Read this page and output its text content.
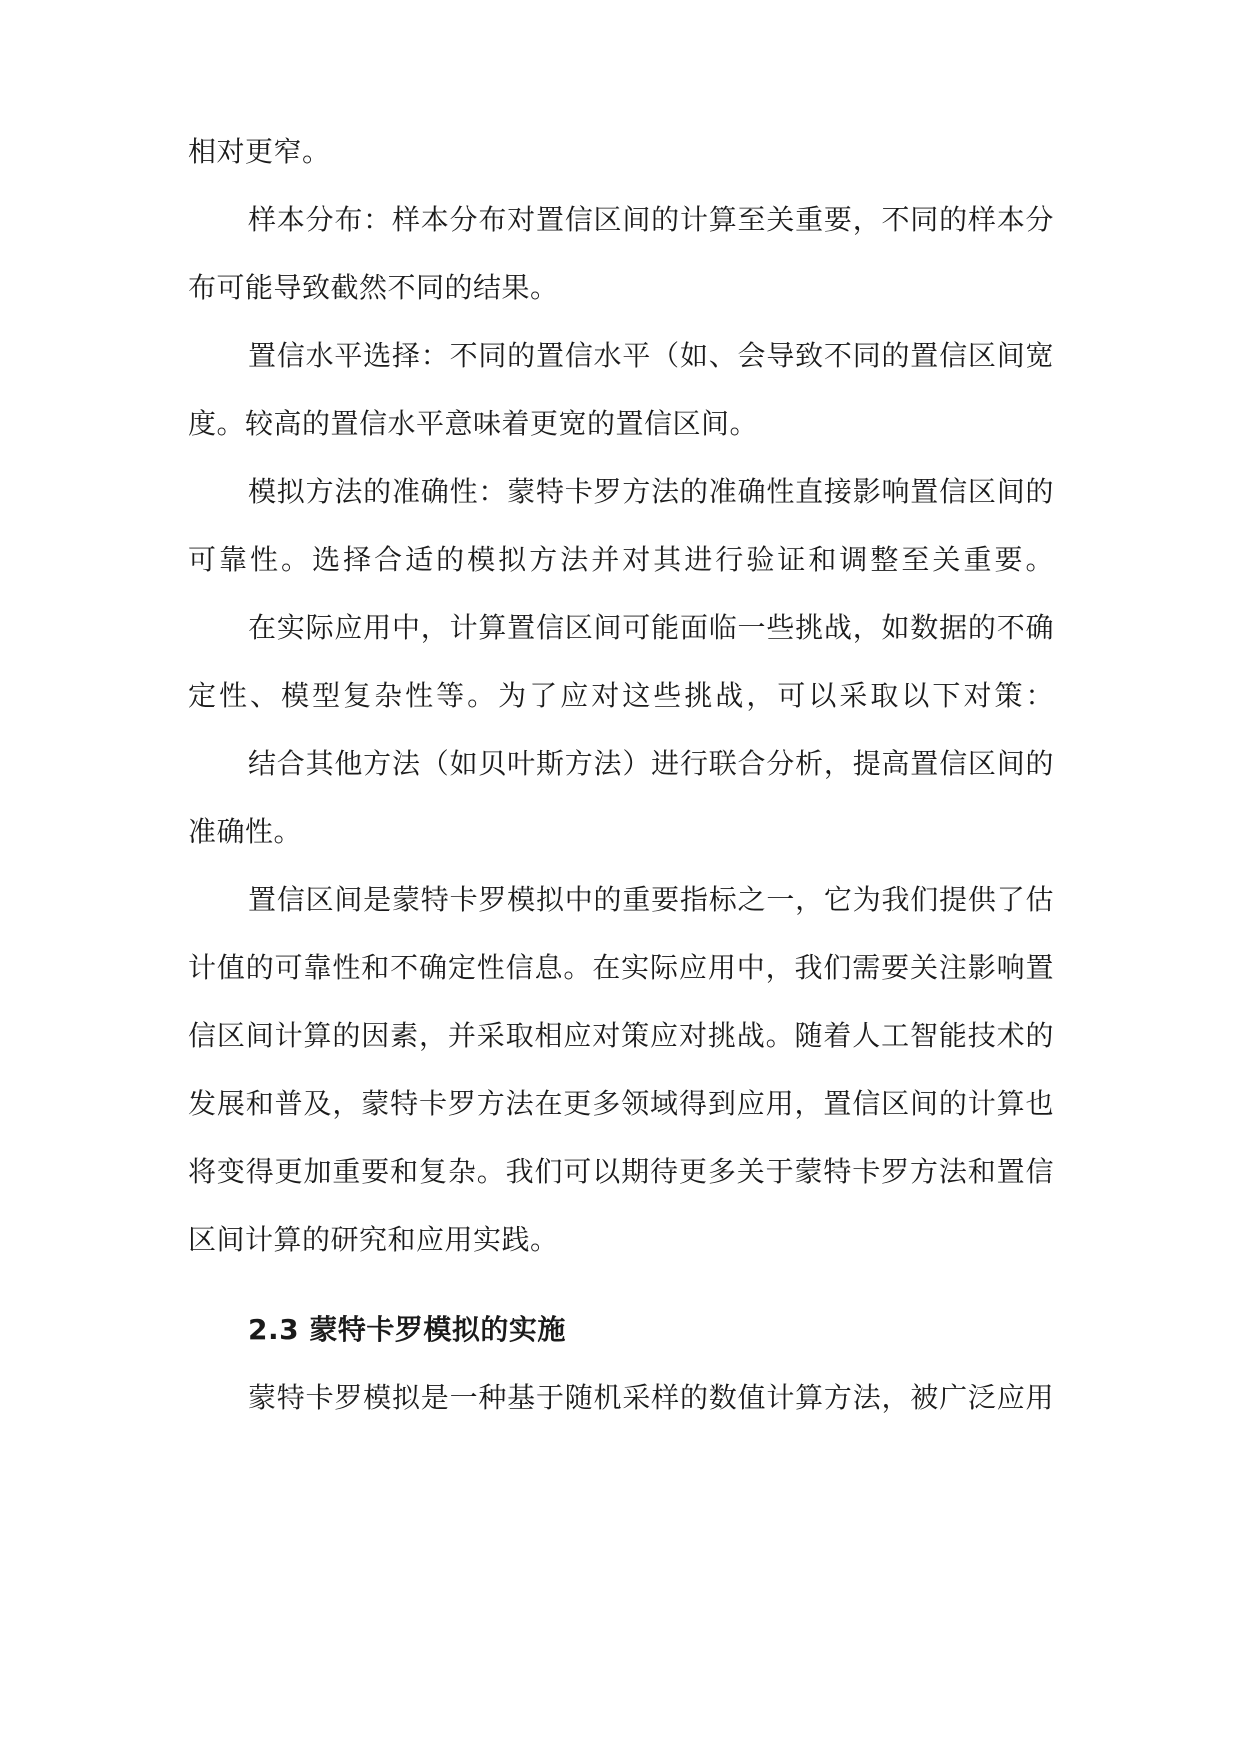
相对更窄。
样本分布：样本分布对置信区间的计算至关重要，不同的样本分
布可能导致截然不同的结果。
置信水平选择：不同的置信水平（如、会导致不同的置信区间宽
度。较高的置信水平意味着更宽的置信区间。
模拟方法的准确性：蒙特卡罗方法的准确性直接影响置信区间的
可靠性。选择合适的模拟方法并对其进行验证和调整至关重要。
在实际应用中，计算置信区间可能面临一些挑战，如数据的不确
定性、模型复杂性等。为了应对这些挑战，可以采取以下对策：
结合其他方法（如贝叶斯方法）进行联合分析，提高置信区间的
准确性。
置信区间是蒙特卡罗模拟中的重要指标之一，它为我们提供了估
计值的可靠性和不确定性信息。在实际应用中，我们需要关注影响置
信区间计算的因素，并采取相应对策应对挑战。随着人工智能技术的
发展和普及，蒙特卡罗方法在更多领域得到应用，置信区间的计算也
将变得更加重要和复杂。我们可以期待更多关于蒙特卡罗方法和置信
区间计算的研究和应用实践。
2.3 蒙特卡罗模拟的实施
蒙特卡罗模拟是一种基于随机采样的数值计算方法，被广泛应用
